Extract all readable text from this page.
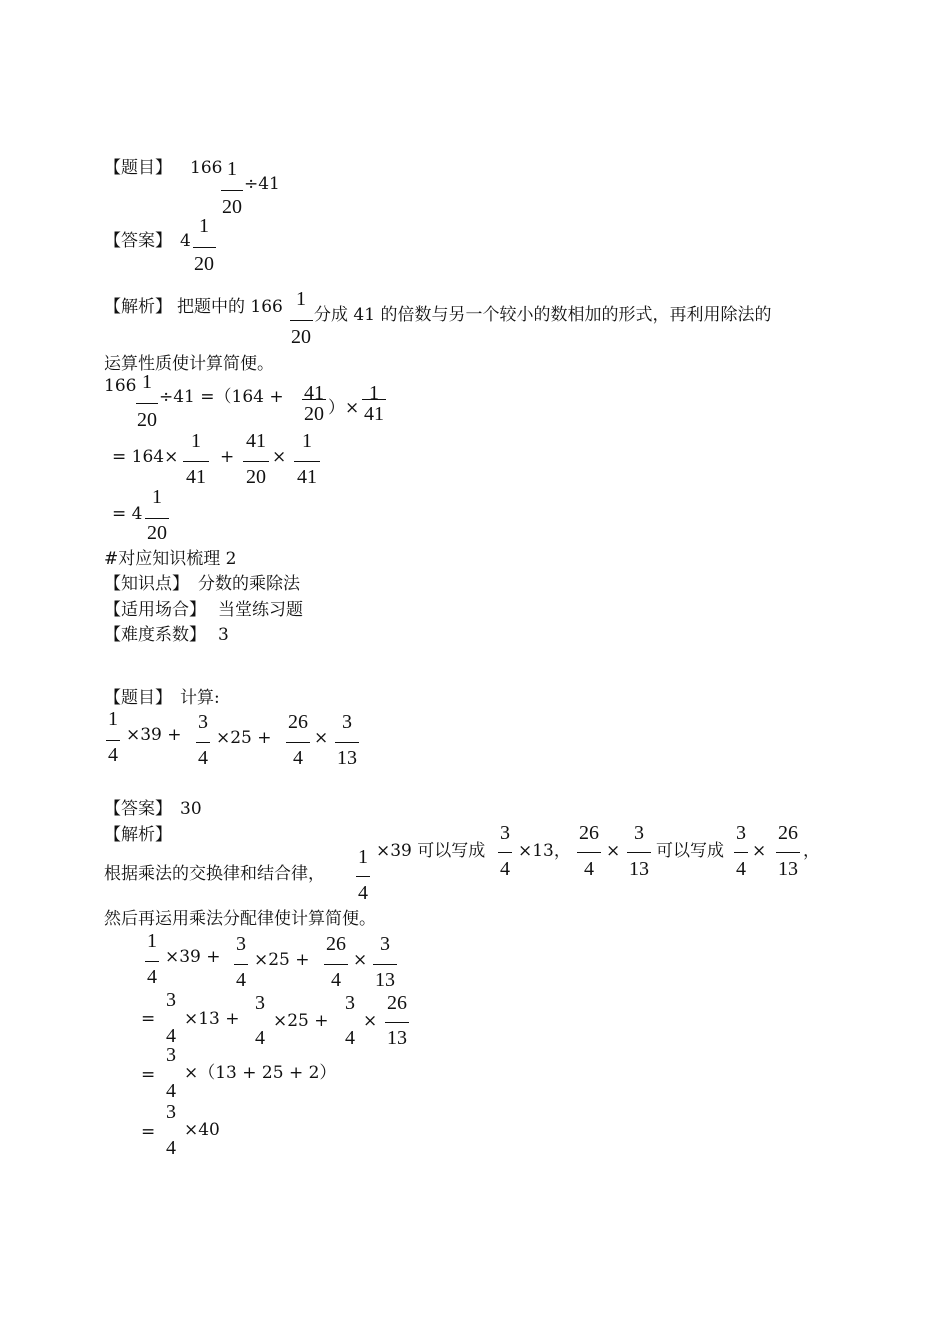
【题目】 166 1
20
÷41
【答案】 4
1
20
【解析】 把题中的 166 1
20
分成 41 的倍数与另一个较小的数相加的形式，再利用除法的
运算性质使计算简便。
166 1
20
÷41 =（164 + 41
20 ）×
1
41
= 164×
1
41
+
41
20
×
1
41
= 4
1
20
#对应知识梳理 2
【知识点】 分数的乘除法
【适用场合】 当堂练习题
【难度系数】 3
【题目】 计算:
1
4
×39 +
3
4
×25 +
26
4
×
3
13
【答案】 30
【解析】
根据乘法的交换律和结合律，
1
4
×39 可以写成
3
4
×13，
26
4
×
3
13
可以写成
3
4
×
26
13
，
然后再运用乘法分配律使计算简便。
1
4
×39 +
3
4
×25 +
26
4
×
3
13
=
3
4
×13 +
3
4
×25 +
3
4
×
26
13
=
3
4
×（13 + 25 + 2）
=
3
4
×40
